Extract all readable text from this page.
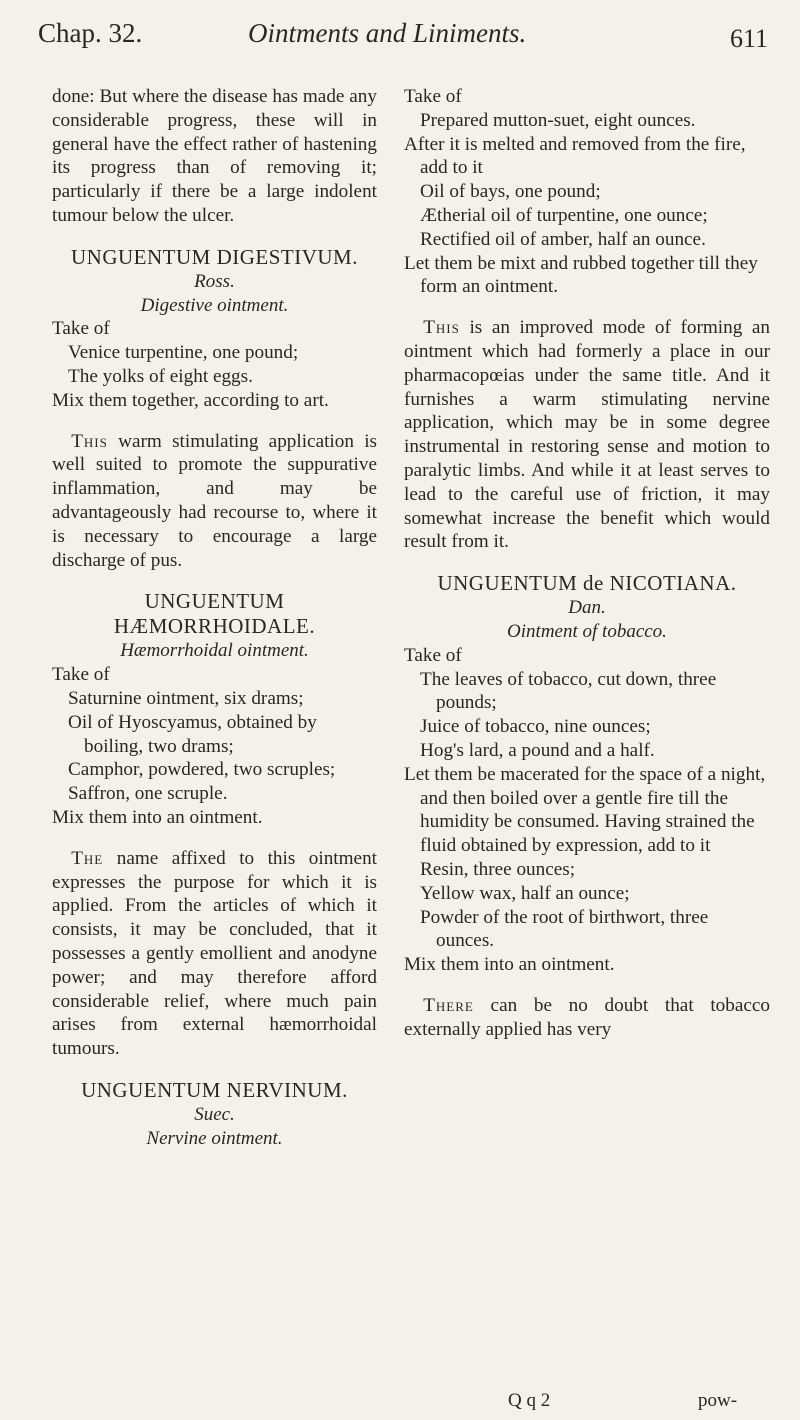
Chap. 32.	Ointments and Liniments.	611

done: But where the disease has made any considerable progress, these will in general have the effect rather of hastening its progress than of removing it; particularly if there be a large indolent tumour below the ulcer.

UNGUENTUM DIGESTIVUM.

Ross.

Digestive ointment.

Take of

Venice turpentine, one pound;

The yolks of eight eggs.

Mix them together, according to art.

 This warm stimulating application is well suited to promote the suppurative inflammation, and may be advantageously had recourse to, where it is necessary to encourage a large discharge of pus.

UNGUENTUM HÆMORRHOIDALE.

Hæmorrhoidal ointment.

Take of

Saturnine ointment, six drams;

Oil of Hyoscyamus, obtained by boiling, two drams;

Camphor, powdered, two scruples;

Saffron, one scruple.

Mix them into an ointment.

 The name affixed to this ointment expresses the purpose for which it is applied. From the articles of which it consists, it may be concluded, that it possesses a gently emollient and anodyne power; and may therefore afford considerable relief, where much pain arises from external hæmorrhoidal tumours.

UNGUENTUM NERVINUM.

Suec.

Nervine ointment.

Take of

Prepared mutton-suet, eight ounces.

After it is melted and removed from the fire, add to it

Oil of bays, one pound;

Ætherial oil of turpentine, one ounce;

Rectified oil of amber, half an ounce.

Let them be mixt and rubbed together till they form an ointment.

 This is an improved mode of forming an ointment which had formerly a place in our pharmacopœias under the same title. And it furnishes a warm stimulating nervine application, which may be in some degree instrumental in restoring sense and motion to paralytic limbs. And while it at least serves to lead to the careful use of friction, it may somewhat increase the benefit which would result from it.

UNGUENTUM de NICOTIANA.

Dan.

Ointment of tobacco.

Take of

The leaves of tobacco, cut down, three pounds;

Juice of tobacco, nine ounces;

Hog's lard, a pound and a half.

Let them be macerated for the space of a night, and then boiled over a gentle fire till the humidity be consumed. Having strained the fluid obtained by expression, add to it

Resin, three ounces;

Yellow wax, half an ounce;

Powder of the root of birthwort, three ounces.

Mix them into an ointment.

 There can be no doubt that tobacco externally applied has very

Q q 2	pow-
